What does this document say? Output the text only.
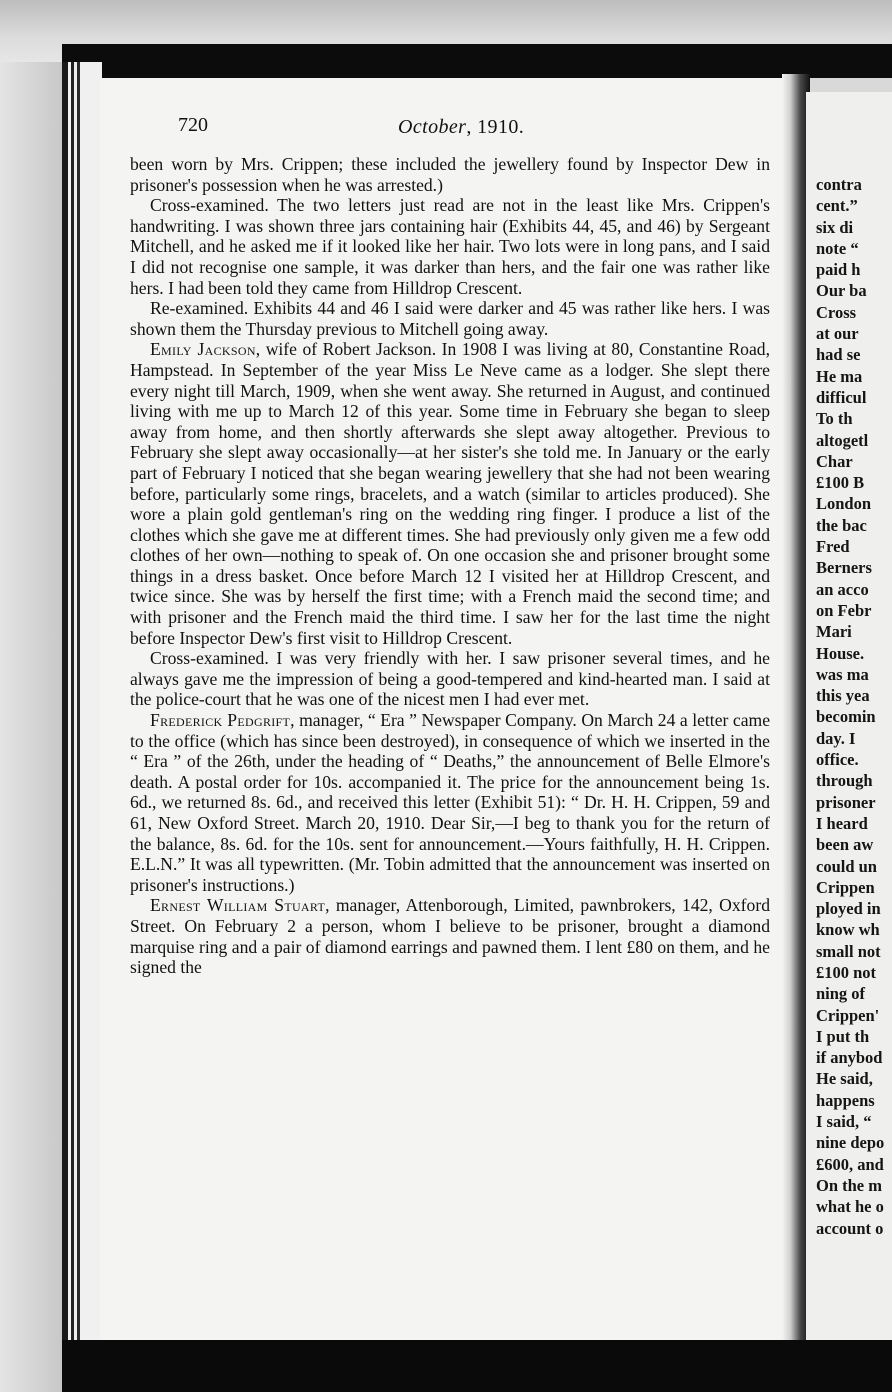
contra
cent.”
six di
note “
paid h
Our ba
Cross
at our
had se
He ma
difficul
To th
altogetl
Char
£100 B
London
the bac
Fred
Berners
an acco
on Febr
Mari
House.
was ma
this yea
becomin
day. I
office.
through
prisoner
I heard
been aw
could un
Crippen
ployed in
know wh
small not
£100 not
ning of
Crippen'
I put th
if anybod
He said,
happens
I said, “
nine depo
£600, and
On the m
what he o
account o
720	October, 1910.

been worn by Mrs. Crippen; these included the jewellery found by Inspector Dew in prisoner's possession when he was arrested.)

Cross-examined. The two letters just read are not in the least like Mrs. Crippen's handwriting. I was shown three jars containing hair (Exhibits 44, 45, and 46) by Sergeant Mitchell, and he asked me if it looked like her hair. Two lots were in long pans, and I said I did not recognise one sample, it was darker than hers, and the fair one was rather like hers. I had been told they came from Hilldrop Crescent.

Re-examined. Exhibits 44 and 46 I said were darker and 45 was rather like hers. I was shown them the Thursday previous to Mitchell going away.

Emily Jackson, wife of Robert Jackson. In 1908 I was living at 80, Constantine Road, Hampstead. In September of the year Miss Le Neve came as a lodger. She slept there every night till March, 1909, when she went away. She returned in August, and continued living with me up to March 12 of this year. Some time in February she began to sleep away from home, and then shortly afterwards she slept away altogether. Previous to February she slept away occasionally—at her sister's she told me. In January or the early part of February I noticed that she began wearing jewellery that she had not been wearing before, particularly some rings, bracelets, and a watch (similar to articles produced). She wore a plain gold gentleman's ring on the wedding ring finger. I produce a list of the clothes which she gave me at different times. She had previously only given me a few odd clothes of her own—nothing to speak of. On one occasion she and prisoner brought some things in a dress basket. Once before March 12 I visited her at Hilldrop Crescent, and twice since. She was by herself the first time; with a French maid the second time; and with prisoner and the French maid the third time. I saw her for the last time the night before Inspector Dew's first visit to Hilldrop Crescent.

Cross-examined. I was very friendly with her. I saw prisoner several times, and he always gave me the impression of being a good-tempered and kind-hearted man. I said at the police-court that he was one of the nicest men I had ever met.

Frederick Pedgrift, manager, “ Era ” Newspaper Company. On March 24 a letter came to the office (which has since been destroyed), in consequence of which we inserted in the “ Era ” of the 26th, under the heading of “ Deaths,” the announcement of Belle Elmore's death. A postal order for 10s. accompanied it. The price for the announcement being 1s. 6d., we returned 8s. 6d., and received this letter (Exhibit 51): “ Dr. H. H. Crippen, 59 and 61, New Oxford Street. March 20, 1910. Dear Sir,—I beg to thank you for the return of the balance, 8s. 6d. for the 10s. sent for announcement.—Yours faithfully, H. H. Crippen. E.L.N.” It was all typewritten. (Mr. Tobin admitted that the announcement was inserted on prisoner's instructions.)

Ernest William Stuart, manager, Attenborough, Limited, pawnbrokers, 142, Oxford Street. On February 2 a person, whom I believe to be prisoner, brought a diamond marquise ring and a pair of diamond earrings and pawned them. I lent £80 on them, and he signed the
